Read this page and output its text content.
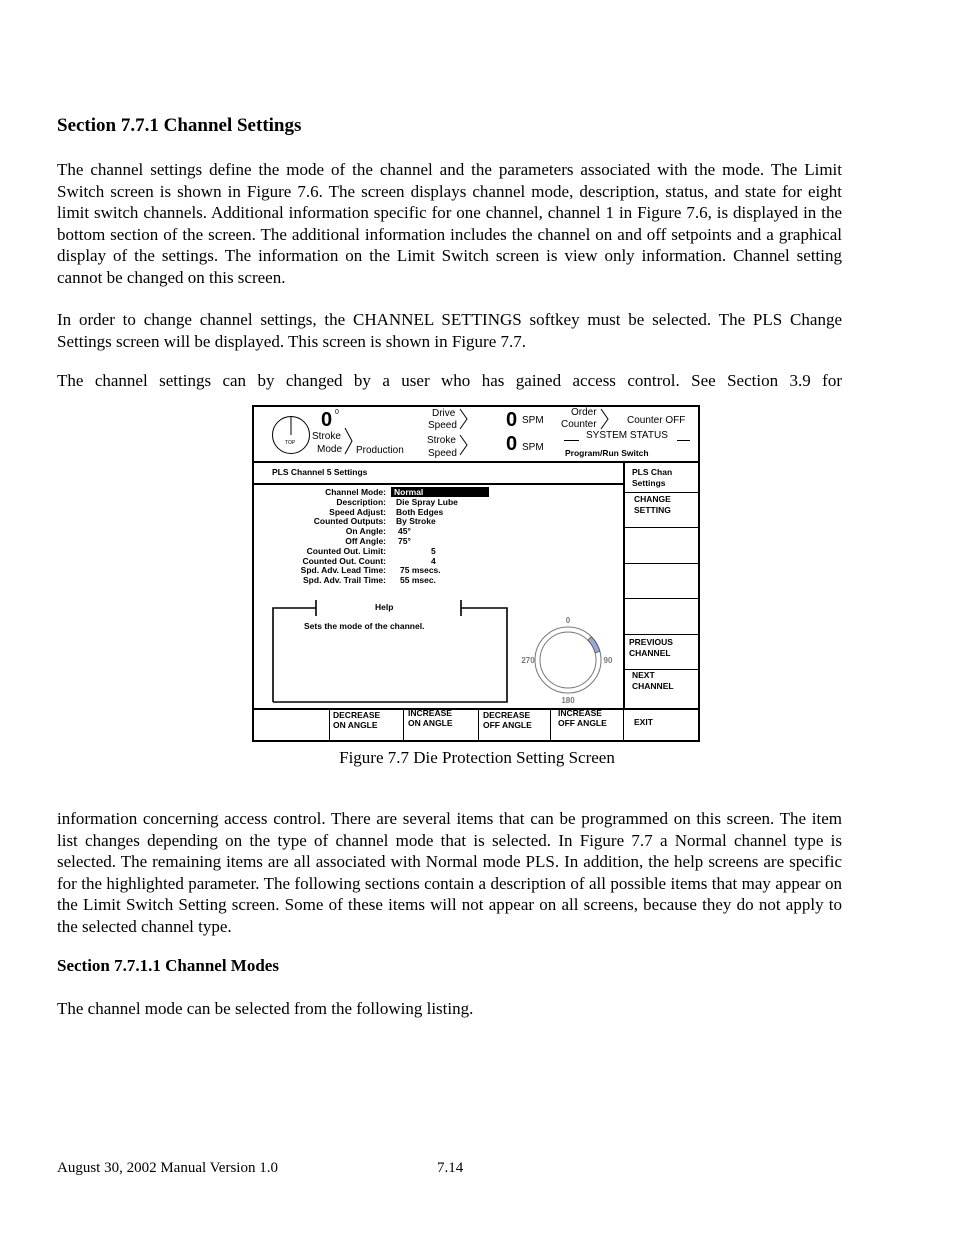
Section 7.7.1 Channel Settings

The channel settings define the mode of the channel and the parameters associated with the mode. The Limit Switch screen is shown in Figure 7.6. The screen displays channel mode, description, status, and state for eight limit switch channels. Additional information specific for one channel, channel 1 in Figure 7.6, is displayed in the bottom section of the screen. The additional information includes the channel on and off setpoints and a graphical display of the settings. The information on the Limit Switch screen is view only information. Channel setting cannot be changed on this screen.

In order to change channel settings, the CHANNEL SETTINGS softkey must be selected. The PLS Change Settings screen will be displayed. This screen is shown in Figure 7.7.

The channel settings can by changed by a user who has gained access control. See Section 3.9 for

TOP
0 0
Stroke
Mode Production
Drive
Speed
Stroke
Speed
0 SPM
0 SPM
Order
Counter	Counter OFF
SYSTEM STATUS
Program/Run Switch
PLS Channel 5 Settings
Channel Mode: Normal
Description: Die Spray Lube
Speed Adjust: Both Edges
Counted Outputs: By Stroke
On Angle: 45°
Off Angle: 75°
Counted Out. Limit:	5
Counted Out. Count:	4
Spd. Adv. Lead Time: 75 msecs.
Spd. Adv. Trail Time: 55 msec.
Help
Sets the mode of the channel.
0
90
180
270
PLS Chan
Settings
CHANGE
SETTING
PREVIOUS
CHANNEL
NEXT
CHANNEL
DECREASE
ON ANGLE
INCREASE
ON ANGLE
DECREASE
OFF ANGLE
INCREASE
OFF ANGLE	EXIT
Figure 7.7 Die Protection Setting Screen

information concerning access control. There are several items that can be programmed on this screen. The item list changes depending on the type of channel mode that is selected. In Figure 7.7 a Normal channel type is selected. The remaining items are all associated with Normal mode PLS. In addition, the help screens are specific for the highlighted parameter. The following sections contain a description of all possible items that may appear on the Limit Switch Setting screen. Some of these items will not appear on all screens, because they do not apply to the selected channel type.

Section 7.7.1.1 Channel Modes

The channel mode can be selected from the following listing.

August 30, 2002 Manual Version 1.0	7.14
